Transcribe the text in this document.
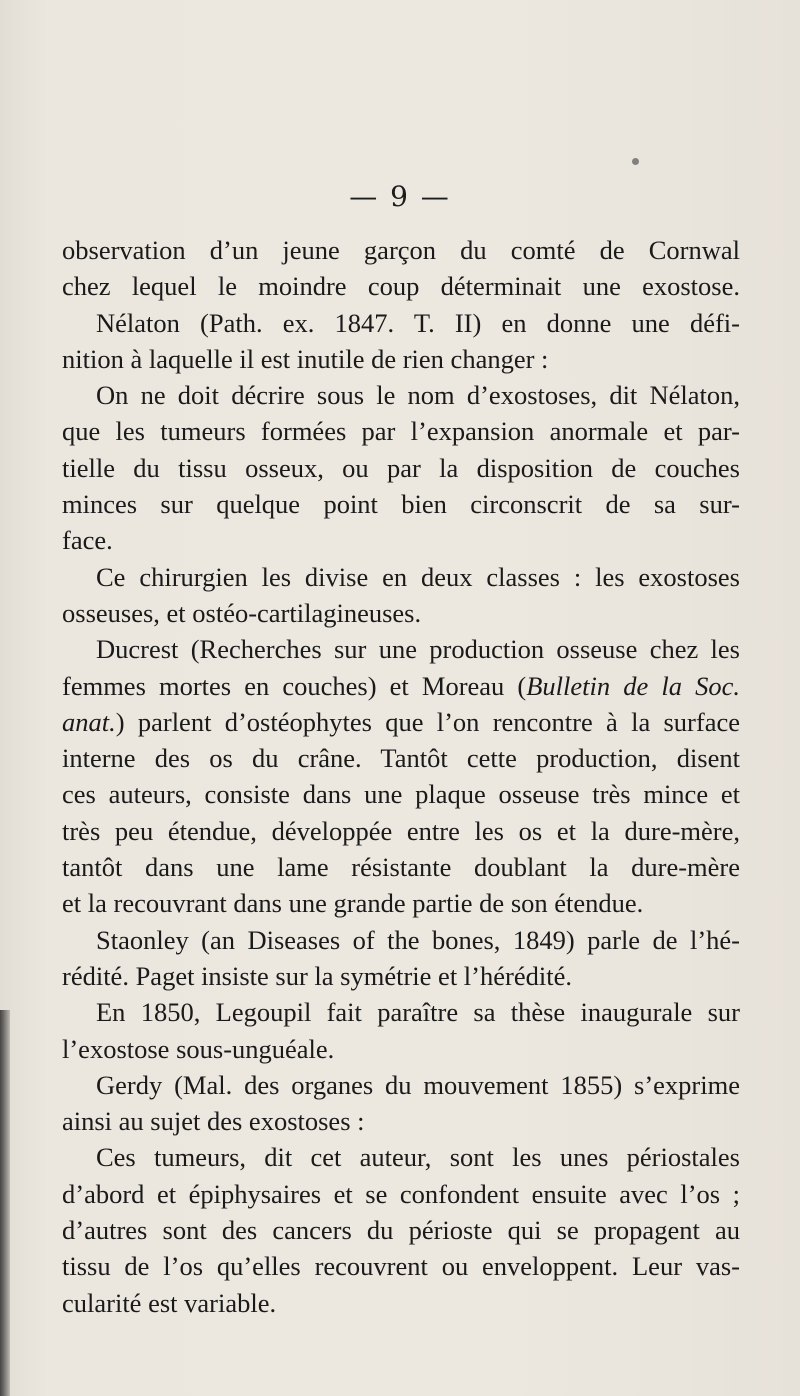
— 9 —
observation d’un jeune garçon du comté de Cornwal
chez lequel le moindre coup déterminait une exostose.
Nélaton (Path. ex. 1847. T. II) en donne une défi-
nition à laquelle il est inutile de rien changer :
On ne doit décrire sous le nom d’exostoses, dit Nélaton,
que les tumeurs formées par l’expansion anormale et par-
tielle du tissu osseux, ou par la disposition de couches
minces sur quelque point bien circonscrit de sa sur-
face.
Ce chirurgien les divise en deux classes : les exostoses
osseuses, et ostéo-cartilagineuses.
Ducrest (Recherches sur une production osseuse chez les
femmes mortes en couches) et Moreau (Bulletin de la Soc.
anat.) parlent d’ostéophytes que l’on rencontre à la surface
interne des os du crâne. Tantôt cette production, disent
ces auteurs, consiste dans une plaque osseuse très mince et
très peu étendue, développée entre les os et la dure-mère,
tantôt dans une lame résistante doublant la dure-mère
et la recouvrant dans une grande partie de son étendue.
Staonley (an Diseases of the bones, 1849) parle de l’hé-
rédité. Paget insiste sur la symétrie et l’hérédité.
En 1850, Legoupil fait paraître sa thèse inaugurale sur
l’exostose sous-unguéale.
Gerdy (Mal. des organes du mouvement 1855) s’exprime
ainsi au sujet des exostoses :
Ces tumeurs, dit cet auteur, sont les unes périostales
d’abord et épiphysaires et se confondent ensuite avec l’os ;
d’autres sont des cancers du périoste qui se propagent au
tissu de l’os qu’elles recouvrent ou enveloppent. Leur vas-
cularité est variable.
